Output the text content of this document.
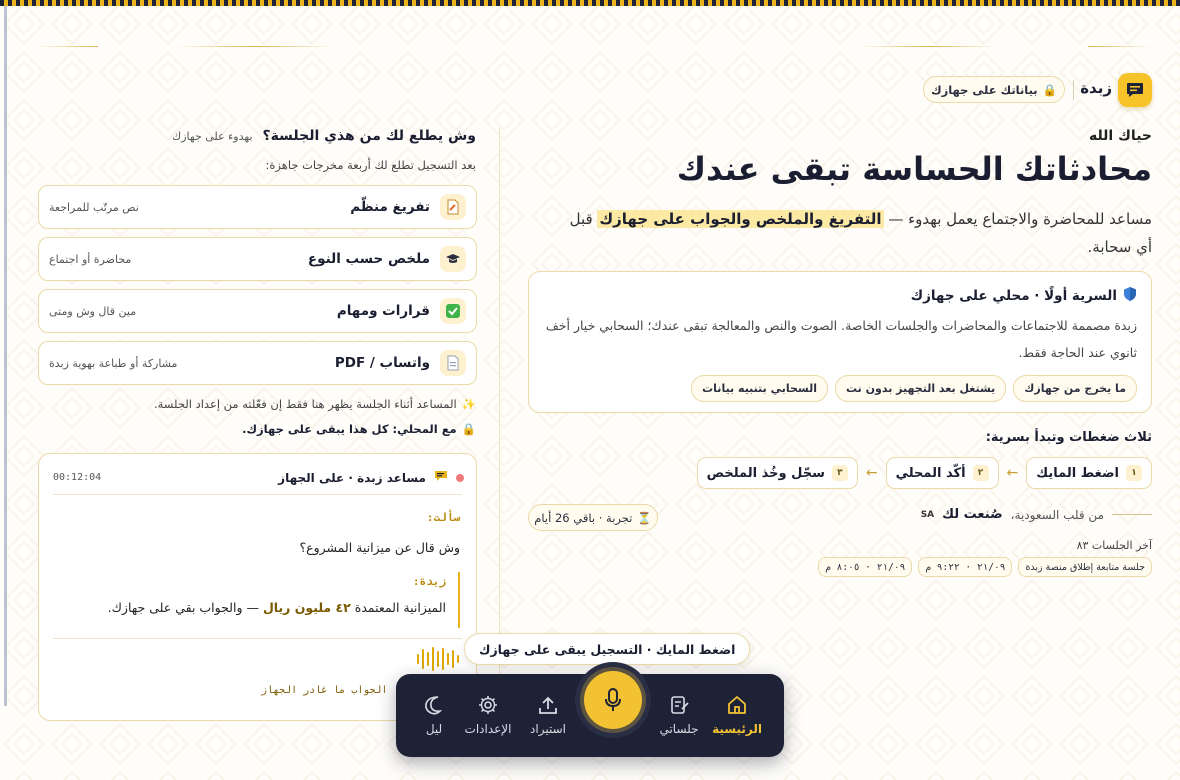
زبدة
🔒
بياناتك على جهازك
حياك الله
محادثاتك الحساسة تبقى عندك
مساعد للمحاضرة والاجتماع يعمل بهدوء — التفريغ والملخص والجواب على جهازك قبل أي سحابة.
السرية أولًا · محلي على جهازك
زبدة مصممة للاجتماعات والمحاضرات والجلسات الخاصة. الصوت والنص والمعالجة تبقى عندك؛ السحابي خيار أخف ثانوي عند الحاجة فقط.
ما يخرج من جهازك
يشتغل بعد التجهيز بدون نت
السحابي بتنبيه بيانات
ثلاث ضغطات وتبدأ بسرية:
١
اضغط المايك
←
٢
أكّد المحلي
←
٣
سجّل وخُذ الملخص
من قلب السعودية،
صُنعت لك
SA
⏳
تجربة · باقي 26 أيام
آخر الجلسات ٨٣
جلسة متابعة إطلاق منصة زبدة
٢١/٠٩ · ٩:٢٢ م
٢١/٠٩ · ٨:٠٥ م
وش يطلع لك من هذي الجلسة؟
بهدوء على جهازك
بعد التسجيل تطلع لك أربعة مخرجات جاهزة:
تفريغ منظّم
نص مرتّب للمراجعة
ملخص حسب النوع
محاضرة أو اجتماع
قرارات ومهام
مين قال وش ومتى
واتساب / PDF
مشاركة أو طباعة بهوية زبدة
✨
المساعد أثناء الجلسة يظهر هنا فقط إن فعّلته من إعداد الجلسة.
🔒
مع المحلي: كل هذا يبقى على جهازك.
مساعد زبدة · على الجهاز
00:12:04
سألت:
وش قال عن ميزانية المشروع؟
زبدة:
الميزانية المعتمدة ٤٢ مليون ريال — والجواب بقي على جهازك.
الجواب ما غادر الجهاز
اضغط المايك · التسجيل يبقى على جهازك
الرئيسية
جلساتي
استيراد
الإعدادات
ليل
